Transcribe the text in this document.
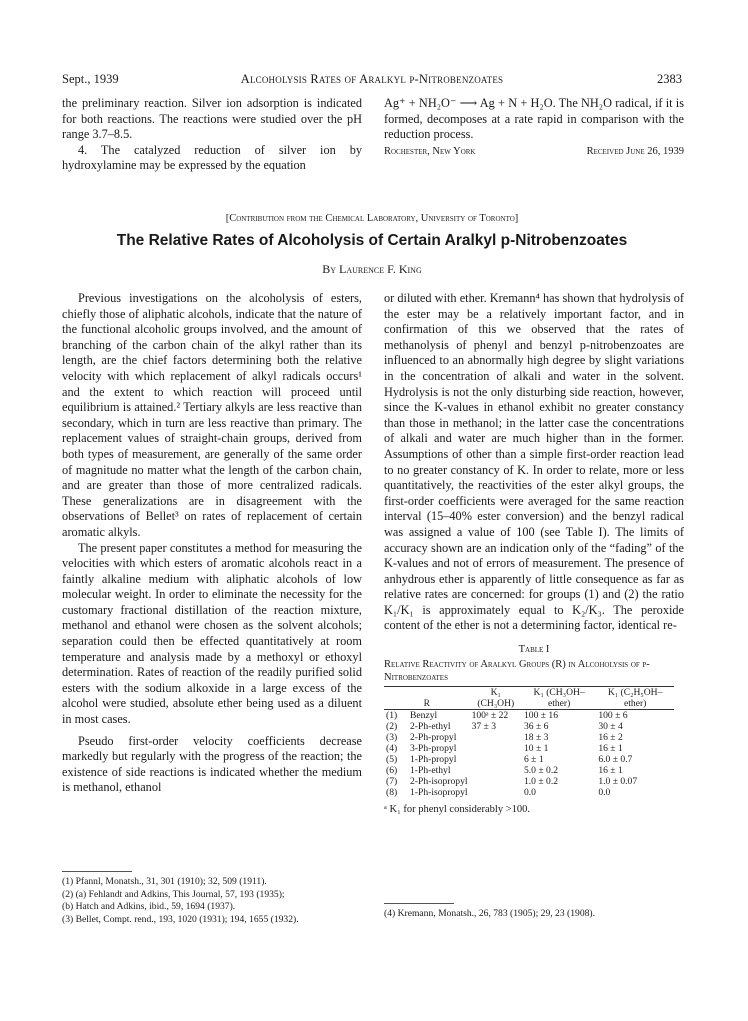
Sept., 1939	Alcoholysis Rates of Aralkyl p-Nitrobenzoates	2383

the preliminary reaction. Silver ion adsorption is indicated for both reactions. The reactions were studied over the pH range 3.7–8.5.

4. The catalyzed reduction of silver ion by hydroxylamine may be expressed by the equation

Ag⁺ + NH₂O⁻ ⟶ Ag + N + H₂O. The NH₂O radical, if it is formed, decomposes at a rate rapid in comparison with the reduction process.

Rochester, New York	Received June 26, 1939
[Contribution from the Chemical Laboratory, University of Toronto]
The Relative Rates of Alcoholysis of Certain Aralkyl p-Nitrobenzoates
By Laurence F. King

Previous investigations on the alcoholysis of esters, chiefly those of aliphatic alcohols, indicate that the nature of the functional alcoholic groups involved, and the amount of branching of the carbon chain of the alkyl rather than its length, are the chief factors determining both the relative velocity with which replacement of alkyl radicals occurs¹ and the extent to which reaction will proceed until equilibrium is attained.² Tertiary alkyls are less reactive than secondary, which in turn are less reactive than primary. The replacement values of straight-chain groups, derived from both types of measurement, are generally of the same order of magnitude no matter what the length of the carbon chain, and are greater than those of more centralized radicals. These generalizations are in disagreement with the observations of Bellet³ on rates of replacement of certain aromatic alkyls.

The present paper constitutes a method for measuring the velocities with which esters of aromatic alcohols react in a faintly alkaline medium with aliphatic alcohols of low molecular weight. In order to eliminate the necessity for the customary fractional distillation of the reaction mixture, methanol and ethanol were chosen as the solvent alcohols; separation could then be effected quantitatively at room temperature and analysis made by a methoxyl or ethoxyl determination. Rates of reaction of the readily purified solid esters with the sodium alkoxide in a large excess of the alcohol were studied, absolute ether being used as a diluent in most cases.

Pseudo first-order velocity coefficients decrease markedly but regularly with the progress of the reaction; the existence of side reactions is indicated whether the medium is methanol, ethanol

or diluted with ether. Kremann⁴ has shown that hydrolysis of the ester may be a relatively important factor, and in confirmation of this we observed that the rates of methanolysis of phenyl and benzyl p-nitrobenzoates are influenced to an abnormally high degree by slight variations in the concentration of alkali and water in the solvent. Hydrolysis is not the only disturbing side reaction, however, since the K-values in ethanol exhibit no greater constancy than those in methanol; in the latter case the concentrations of alkali and water are much higher than in the former. Assumptions of other than a simple first-order reaction lead to no greater constancy of K. In order to relate, more or less quantitatively, the reactivities of the ester alkyl groups, the first-order coefficients were averaged for the same reaction interval (15–40% ester conversion) and the benzyl radical was assigned a value of 100 (see Table I). The limits of accuracy shown are an indication only of the “fading” of the K-values and not of errors of measurement. The presence of anhydrous ether is apparently of little consequence as far as relative rates are concerned: for groups (1) and (2) the ratio K₁/K₁ is approximately equal to K₂/K₃. The peroxide content of the ether is not a determining factor, identical re-

Table I
Relative Reactivity of Aralkyl Groups (R) in Alcoholysis of p-Nitrobenzoates
R		K₁ (CH₃OH)	K₁ (CH₃OH–ether)	K₁ (C₂H₅OH–ether)
(1)	Benzyl	100ᵃ ± 22	100 ± 16	100 ± 6
(2)	2-Ph-ethyl	37 ± 3	36 ± 6	30 ± 4
(3)	2-Ph-propyl		18 ± 3	16 ± 2
(4)	3-Ph-propyl		10 ± 1	16 ± 1
(5)	1-Ph-propyl		6 ± 1	6.0 ± 0.7
(6)	1-Ph-ethyl		5.0 ± 0.2	16 ± 1
(7)	2-Ph-isopropyl		1.0 ± 0.2	1.0 ± 0.07
(8)	1-Ph-isopropyl		0.0	0.0
ᵃ K₁ for phenyl considerably >100.
(1) Pfannl, Monatsh., 31, 301 (1910); 32, 509 (1911).
(2) (a) Fehlandt and Adkins, This Journal, 57, 193 (1935);
(b) Hatch and Adkins, ibid., 59, 1694 (1937).
(3) Bellet, Compt. rend., 193, 1020 (1931); 194, 1655 (1932).	(4) Kremann, Monatsh., 26, 783 (1905); 29, 23 (1908).
